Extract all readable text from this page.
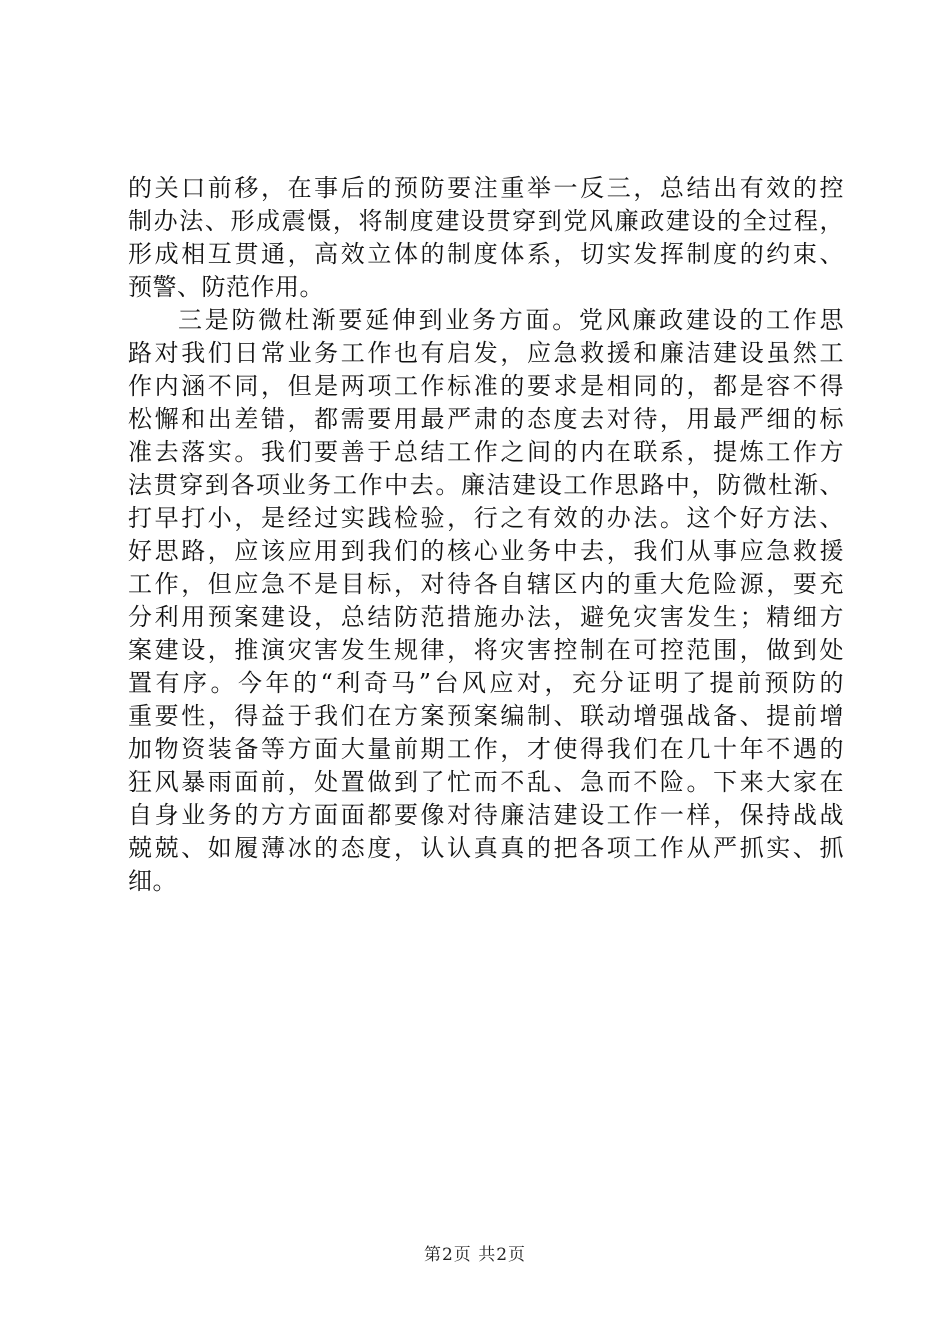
的关口前移，在事后的预防要注重举一反三，总结出有效的控
制办法、形成震慑，将制度建设贯穿到党风廉政建设的全过程，
形成相互贯通，高效立体的制度体系，切实发挥制度的约束、
预警、防范作用。
三是防微杜渐要延伸到业务方面。党风廉政建设的工作思
路对我们日常业务工作也有启发，应急救援和廉洁建设虽然工
作内涵不同，但是两项工作标准的要求是相同的，都是容不得
松懈和出差错，都需要用最严肃的态度去对待，用最严细的标
准去落实。我们要善于总结工作之间的内在联系，提炼工作方
法贯穿到各项业务工作中去。廉洁建设工作思路中，防微杜渐、
打早打小，是经过实践检验，行之有效的办法。这个好方法、
好思路，应该应用到我们的核心业务中去，我们从事应急救援
工作，但应急不是目标，对待各自辖区内的重大危险源，要充
分利用预案建设，总结防范措施办法，避免灾害发生；精细方
案建设，推演灾害发生规律，将灾害控制在可控范围，做到处
置有序。今年的“利奇马”台风应对，充分证明了提前预防的
重要性，得益于我们在方案预案编制、联动增强战备、提前增
加物资装备等方面大量前期工作，才使得我们在几十年不遇的
狂风暴雨面前，处置做到了忙而不乱、急而不险。下来大家在
自身业务的方方面面都要像对待廉洁建设工作一样，保持战战
兢兢、如履薄冰的态度，认认真真的把各项工作从严抓实、抓
细。
第2页 共2页
